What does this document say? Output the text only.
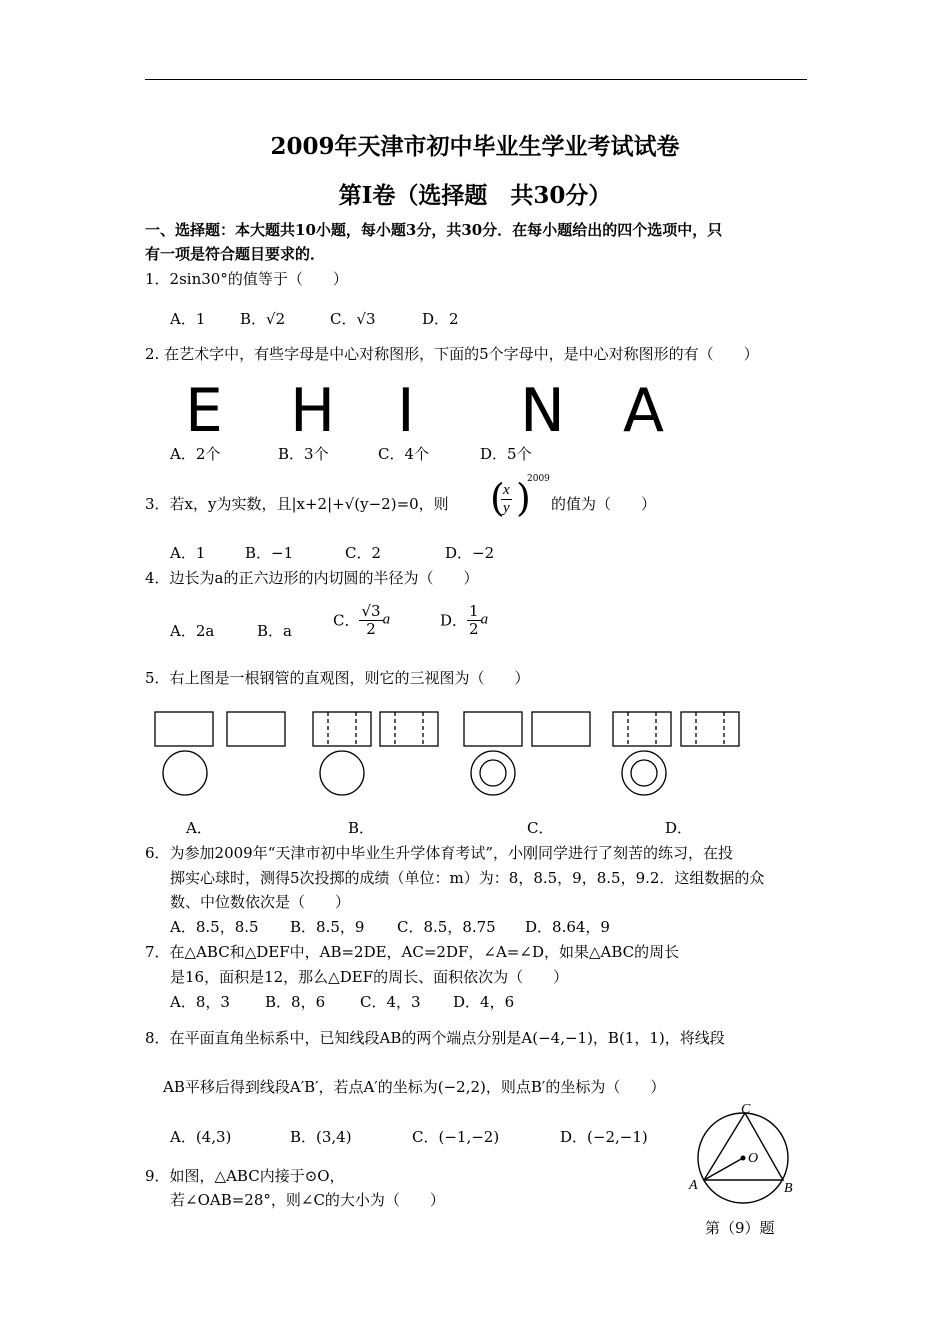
2009年天津市初中毕业生学业考试试卷
第Ⅰ卷（选择题　共30分）
一、选择题：本大题共10小题，每小题3分，共30分．在每小题给出的四个选项中，只
有一项是符合题目要求的．
1．2sin30°的值等于（　　）
A．1 B．√2	C．√3	D．2
2. 在艺术字中，有些字母是中心对称图形，下面的5个字母中，是中心对称图形的有（　　）
E H I N A
A．2个	B．3个	C．4个	D．5个
3．若x，y为实数，且|x+2|+√(y−2)=0，则 (
$\frac{x}{y}$ )
2009
的值为（　　）
A．1	B．−1	C．2	D．−2
4．边长为a的正六边形的内切圆的半径为（　　）
A．2a	B．a
C． $\frac{√3}{2}$ a	D． $\frac{1}{2}$ a
5．右上图是一根钢管的直观图，则它的三视图为（　　）
A．	B．	C．	D．
6．为参加2009年“天津市初中毕业生升学体育考试”，小刚同学进行了刻苦的练习，在投
掷实心球时，测得5次投掷的成绩（单位：m）为：8，8.5，9，8.5，9.2．这组数据的众
数、中位数依次是（　　）
A．8.5，8.5 B．8.5，9 C．8.5，8.75 D．8.64，9
7．在△ABC和△DEF中，AB=2DE，AC=2DF，∠A=∠D，如果△ABC的周长
是16，面积是12，那么△DEF的周长、面积依次为（　　）
A．8，3 B．8，6 C．4，3 D．4，6
8．在平面直角坐标系中，已知线段AB的两个端点分别是A(−4,−1)，B(1，1)，将线段
AB平移后得到线段A′B′，若点A′的坐标为(−2,2)，则点B′的坐标为（　　）
A．(4,3)	B．(3,4)	C．(−1,−2)	D．(−2,−1)
9．如图，△ABC内接于⊙O，
若∠OAB=28°，则∠C的大小为（　　）
C
O
A	B
第（9）题
